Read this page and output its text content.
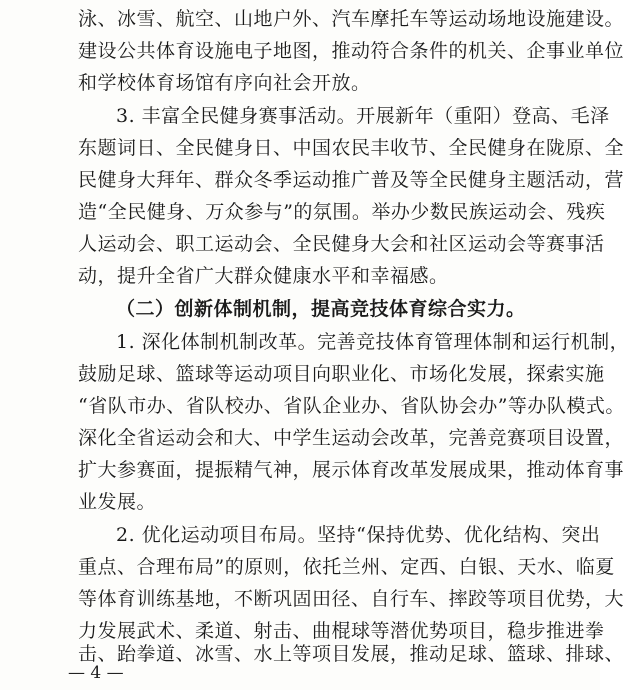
泳、冰雪、航空、山地户外、汽车摩托车等运动场地设施建设。
建设公共体育设施电子地图，推动符合条件的机关、企事业单位
和学校体育场馆有序向社会开放。
3. 丰富全民健身赛事活动。开展新年（重阳）登高、毛泽
东题词日、全民健身日、中国农民丰收节、全民健身在陇原、全
民健身大拜年、群众冬季运动推广普及等全民健身主题活动，营
造“全民健身、万众参与”的氛围。举办少数民族运动会、残疾
人运动会、职工运动会、全民健身大会和社区运动会等赛事活
动，提升全省广大群众健康水平和幸福感。
（二）创新体制机制，提高竞技体育综合实力。
1. 深化体制机制改革。完善竞技体育管理体制和运行机制，
鼓励足球、篮球等运动项目向职业化、市场化发展，探索实施
“省队市办、省队校办、省队企业办、省队协会办”等办队模式。
深化全省运动会和大、中学生运动会改革，完善竞赛项目设置，
扩大参赛面，提振精气神，展示体育改革发展成果，推动体育事
业发展。
2. 优化运动项目布局。坚持“保持优势、优化结构、突出
重点、合理布局”的原则，依托兰州、定西、白银、天水、临夏
等体育训练基地，不断巩固田径、自行车、摔跤等项目优势，大
力发展武术、柔道、射击、曲棍球等潜优势项目，稳步推进拳
击、跆拳道、冰雪、水上等项目发展，推动足球、篮球、排球、
— 4 —
